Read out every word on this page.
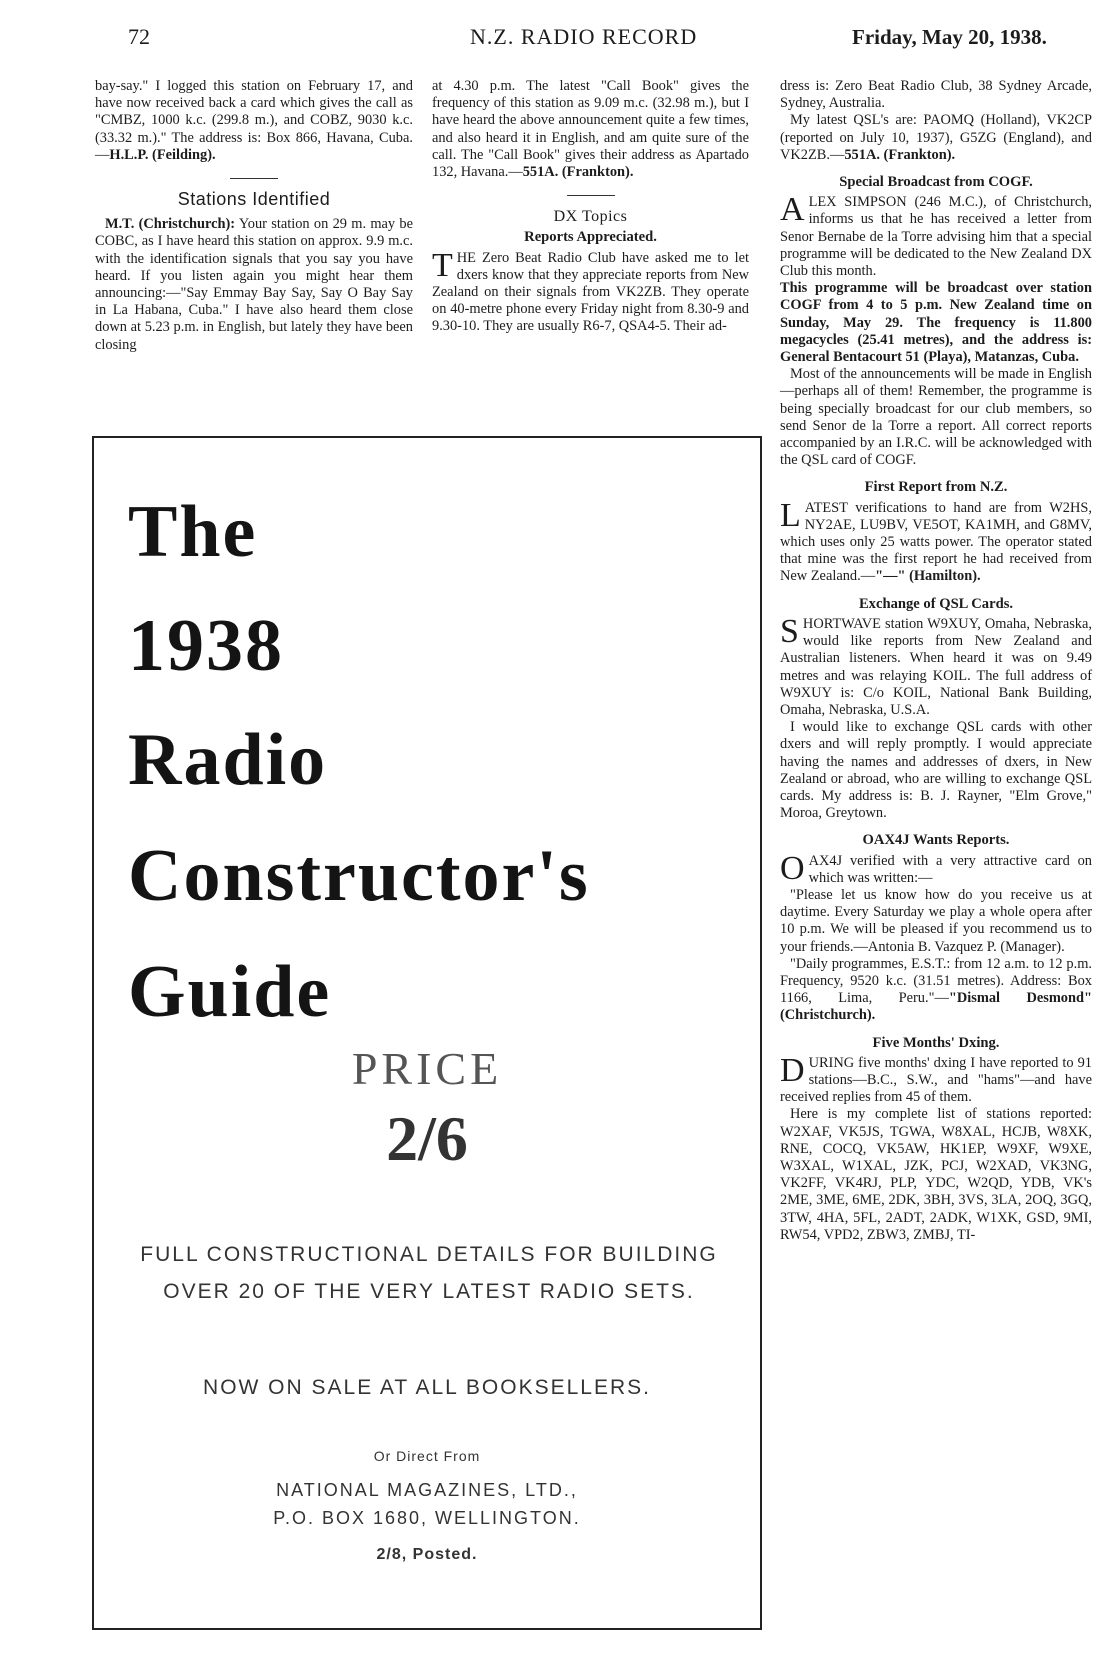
72	N.Z. RADIO RECORD	Friday, May 20, 1938.

bay-say." I logged this station on February 17, and have now received back a card which gives the call as "CMBZ, 1000 k.c. (299.8 m.), and COBZ, 9030 k.c. (33.32 m.)." The address is: Box 866, Havana, Cuba.—H.L.P. (Feilding).

Stations Identified

M.T. (Christchurch): Your station on 29 m. may be COBC, as I have heard this station on approx. 9.9 m.c. with the identification signals that you say you have heard. If you listen again you might hear them announcing:—"Say Emmay Bay Say, Say O Bay Say in La Habana, Cuba." I have also heard them close down at 5.23 p.m. in English, but lately they have been closing

at 4.30 p.m. The latest "Call Book" gives the frequency of this station as 9.09 m.c. (32.98 m.), but I have heard the above announcement quite a few times, and also heard it in English, and am quite sure of the call. The "Call Book" gives their address as Apartado 132, Havana.—551A. (Frankton).

DX Topics
Reports Appreciated.

THE Zero Beat Radio Club have asked me to let dxers know that they appreciate reports from New Zealand on their signals from VK2ZB. They operate on 40-metre phone every Friday night from 8.30-9 and 9.30-10. They are usually R6-7, QSA4-5. Their ad-

dress is: Zero Beat Radio Club, 38 Sydney Arcade, Sydney, Australia.

My latest QSL's are: PAOMQ (Holland), VK2CP (reported on July 10, 1937), G5ZG (England), and VK2ZB.—551A. (Frankton).

Special Broadcast from COGF.

ALEX SIMPSON (246 M.C.), of Christchurch, informs us that he has received a letter from Senor Bernabe de la Torre advising him that a special programme will be dedicated to the New Zealand DX Club this month.

This programme will be broadcast over station COGF from 4 to 5 p.m. New Zealand time on Sunday, May 29. The frequency is 11.800 megacycles (25.41 metres), and the address is: General Bentacourt 51 (Playa), Matanzas, Cuba.

Most of the announcements will be made in English—perhaps all of them! Remember, the programme is being specially broadcast for our club members, so send Senor de la Torre a report. All correct reports accompanied by an I.R.C. will be acknowledged with the QSL card of COGF.

First Report from N.Z.

LATEST verifications to hand are from W2HS, NY2AE, LU9BV, VE5OT, KA1MH, and G8MV, which uses only 25 watts power. The operator stated that mine was the first report he had received from New Zealand.—"—" (Hamilton).

Exchange of QSL Cards.

SHORTWAVE station W9XUY, Omaha, Nebraska, would like reports from New Zealand and Australian listeners. When heard it was on 9.49 metres and was relaying KOIL. The full address of W9XUY is: C/o KOIL, National Bank Building, Omaha, Nebraska, U.S.A.

I would like to exchange QSL cards with other dxers and will reply promptly. I would appreciate having the names and addresses of dxers, in New Zealand or abroad, who are willing to exchange QSL cards. My address is: B. J. Rayner, "Elm Grove," Moroa, Greytown.

OAX4J Wants Reports.

OAX4J verified with a very attractive card on which was written:—

"Please let us know how do you receive us at daytime. Every Saturday we play a whole opera after 10 p.m. We will be pleased if you recommend us to your friends.—Antonia B. Vazquez P. (Manager).

"Daily programmes, E.S.T.: from 12 a.m. to 12 p.m. Frequency, 9520 k.c. (31.51 metres). Address: Box 1166, Lima, Peru."—"Dismal Desmond" (Christchurch).

Five Months' Dxing.

DURING five months' dxing I have reported to 91 stations—B.C., S.W., and "hams"—and have received replies from 45 of them.

Here is my complete list of stations reported: W2XAF, VK5JS, TGWA, W8XAL, HCJB, W8XK, RNE, COCQ, VK5AW, HK1EP, W9XF, W9XE, W3XAL, W1XAL, JZK, PCJ, W2XAD, VK3NG, VK2FF, VK4RJ, PLP, YDC, W2QD, YDB, VK's 2ME, 3ME, 6ME, 2DK, 3BH, 3VS, 3LA, 2OQ, 3GQ, 3TW, 4HA, 5FL, 2ADT, 2ADK, W1XK, GSD, 9MI, RW54, VPD2, ZBW3, ZMBJ, TI-

The
1938
Radio
Constructor's
Guide
PRICE
2/6
FULL CONSTRUCTIONAL DETAILS FOR BUILDING OVER 20 OF THE VERY LATEST RADIO SETS.
NOW ON SALE AT ALL BOOKSELLERS.
Or Direct From
NATIONAL MAGAZINES, LTD.,
P.O. BOX 1680, WELLINGTON.
2/8, Posted.
